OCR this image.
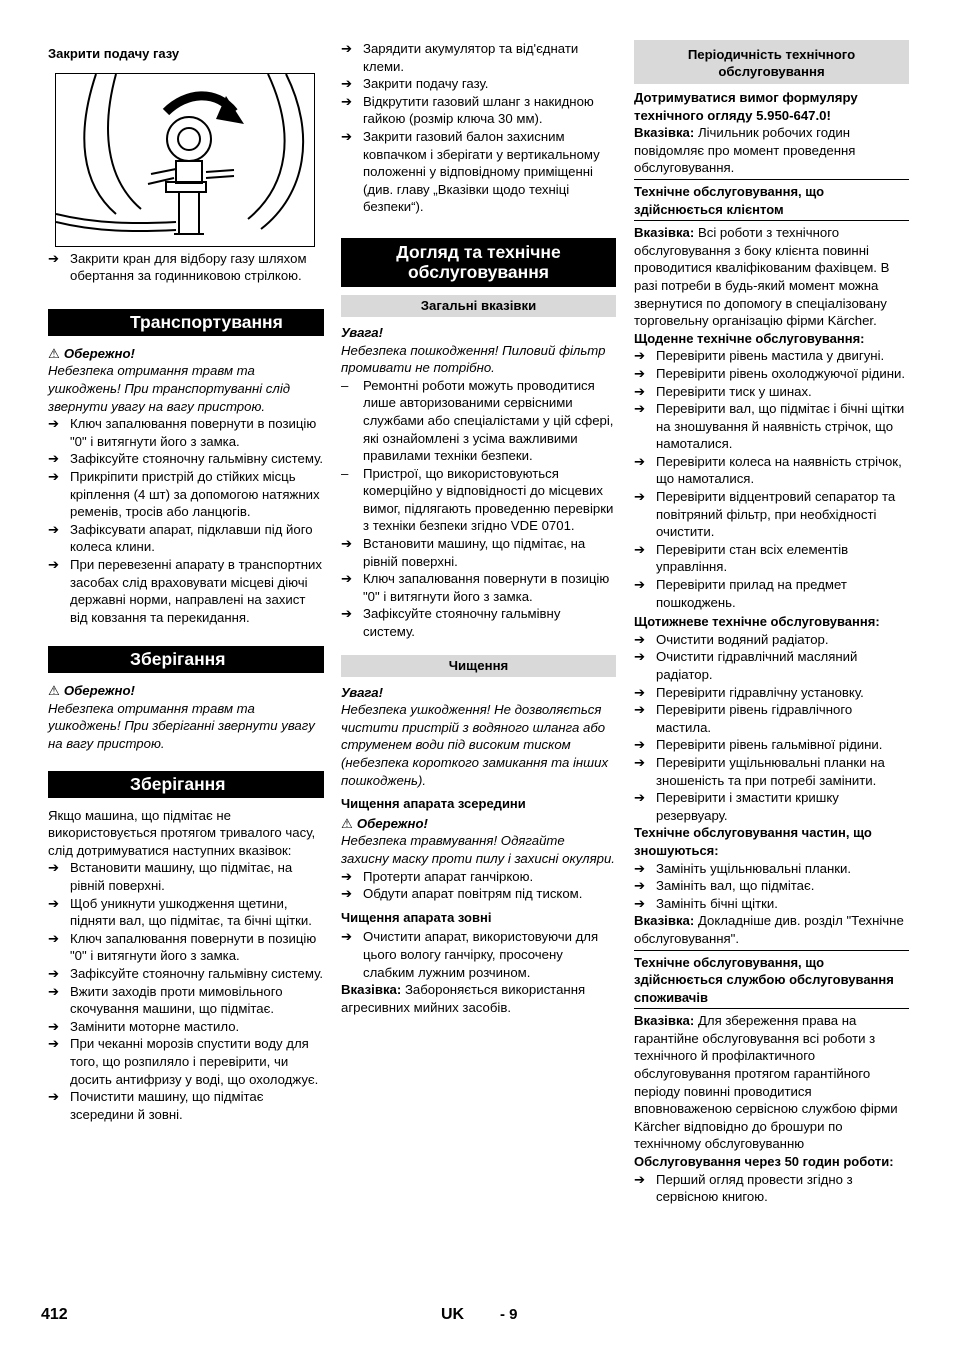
Закрити подачу газу

➔ Закрити кран для відбору газу шляхом обертання за годинниковою стрілкою.
Транспортування

⚠ Обережно!

Небезпека отримання травм та ушкоджень! При транспортуванні слід звернути увагу на вагу пристрою.

➔ Ключ запалювання повернути в позицію "0" і витягнути його з замка.
➔ Зафіксуйте стояночну гальмівну систему.
➔ Прикріпити пристрій до стійких місць кріплення (4 шт) за допомогою натяжних ременів, тросів або ланцюгів.
➔ Зафіксувати апарат, підклавши під його колеса клини.
➔ При перевезенні апарату в транспортних засобах слід враховувати місцеві діючі державні норми, направлені на захист від ковзання та перекидання.
Зберігання

⚠ Обережно!

Небезпека отримання травм та ушкоджень! При зберіганні звернути увагу на вагу пристрою.

Зберігання

Якщо машина, що підмітає не використовується протягом тривалого часу, слід дотримуватися наступних вказівок:

➔ Встановити машину, що підмітає, на рівній поверхні.
➔ Щоб уникнути ушкодження щетини, підняти вал, що підмітає, та бічні щітки.
➔ Ключ запалювання повернути в позицію "0" і витягнути його з замка.
➔ Зафіксуйте стояночну гальмівну систему.
➔ Вжити заходів проти мимовільного скочування машини, що підмітає.
➔ Замінити моторне мастило.
➔ При чеканні морозів спустити воду для того, що розпиляло і перевірити, чи досить антифризу у воді, що охолоджує.
➔ Почистити машину, що підмітає зсередини й зовні.
➔ Зарядити акумулятор та від'єднати клеми.
➔ Закрити подачу газу.
➔ Відкрутити газовий шланг з накидною гайкою (розмір ключа 30 мм).
➔ Закрити газовий балон захисним ковпачком і зберігати у вертикальному положенні у відповідному приміщенні (див. главу „Вказівки щодо техніці безпеки“).
Догляд та технічне обслуговування
Загальні вказівки

Увага!

Небезпека пошкодження! Пиловий фільтр промивати не потрібно.

– Ремонтні роботи можуть проводитися лише авторизованими сервісними службами або спеціалістами у цій сфері, які ознайомлені з усіма важливими правилами техніки безпеки.
– Пристрої, що використовуються комерційно у відповідності до місцевих вимог, підлягають проведенню перевірки з техніки безпеки згідно VDE 0701.
➔ Встановити машину, що підмітає, на рівній поверхні.
➔ Ключ запалювання повернути в позицію "0" і витягнути його з замка.
➔ Зафіксуйте стояночну гальмівну систему.
Чищення

Увага!

Небезпека ушкодження! Не дозволяється чистити пристрій з водяного шланга або струменем води під високим тиском (небезпека короткого замикання та інших пошкоджень).

Чищення апарата зсередини

⚠ Обережно!

Небезпека травмування! Одягайте захисну маску проти пилу і захисні окуляри.

➔ Протерти апарат ганчіркою.
➔ Обдути апарат повітрям під тиском.

Чищення апарата зовні

➔ Очистити апарат, використовуючи для цього вологу ганчірку, просочену слабким лужним розчином.

Вказівка: Забороняється використання агресивних мийних засобів.

Періодичність технічного обслуговування

Дотримуватися вимог формуляру технічного огляду 5.950-647.0!

Вказівка: Лічильник робочих годин повідомляє про момент проведення обслуговування.

Технічне обслуговування, що здійснюється клієнтом

Вказівка: Всі роботи з технічного обслуговування з боку клієнта повинні проводитися кваліфікованим фахівцем. В разі потреби в будь-який момент можна звернутися по допомогу в спеціалізовану торговельну організацію фірми Kärcher.

Щоденне технічне обслуговування:

➔ Перевірити рівень мастила у двигуні.
➔ Перевірити рівень охолоджуючої рідини.
➔ Перевірити тиск у шинах.
➔ Перевірити вал, що підмітає і бічні щітки на зношування й наявність стрічок, що намоталися.
➔ Перевірити колеса на наявність стрічок, що намоталися.
➔ Перевірити відцентровий сепаратор та повітряний фільтр, при необхідності очистити.
➔ Перевірити стан всіх елементів управління.
➔ Перевірити прилад на предмет пошкоджень.

Щотижневе технічне обслуговування:

➔ Очистити водяний радіатор.
➔ Очистити гідравлічний масляний радіатор.
➔ Перевірити гідравлічну установку.
➔ Перевірити рівень гідравлічного мастила.
➔ Перевірити рівень гальмівної рідини.
➔ Перевірити ущільнювальні планки на зношеність та при потребі замінити.
➔ Перевірити і змастити кришку резервуару.

Технічне обслуговування частин, що зношуються:

➔ Замініть ущільнювальні планки.
➔ Замініть вал, що підмітає.
➔ Замініть бічні щітки.

Вказівка: Докладніше див. розділ "Технічне обслуговування".

Технічне обслуговування, що здійснюється службою обслуговування споживачів

Вказівка: Для збереження права на гарантійне обслуговування всі роботи з технічного й профілактичного обслуговування протягом гарантійного періоду повинні проводитися вповноваженою сервісною службою фірми Kärcher відповідно до брошури по технічному обслуговуванню

Обслуговування через 50 годин роботи:

➔ Перший огляд провести згідно з сервісною книгою.
412	UK - 9
